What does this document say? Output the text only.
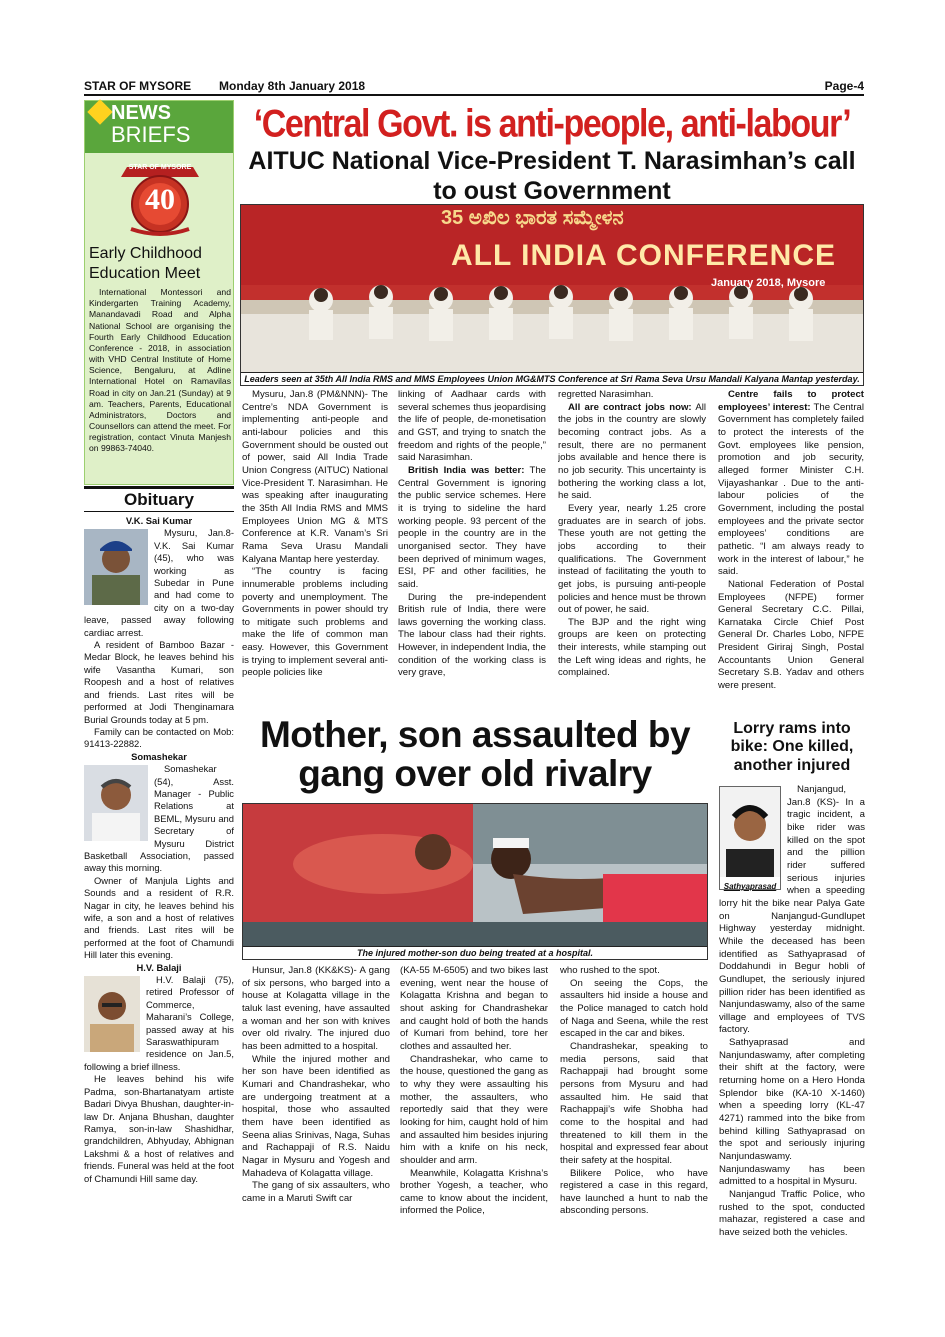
STAR OF MYSORE Monday 8th January 2018	Page-4
NEWS
BRIEFS
STAR OF MYSORE
40
Early Childhood Education Meet
International Montessori and Kindergarten Training Academy, Manandavadi Road and Alpha National School are organising the Fourth Early Childhood Education Conference - 2018, in association with VHD Central Institute of Home Science, Bengaluru, at Adline International Hotel on Ramavilas Road in city on Jan.21 (Sunday) at 9 am. Teachers, Parents, Educational Administrators, Doctors and Counsellors can attend the meet. For registration, contact Vinuta Manjesh on 99863-74040.
‘Central Govt. is anti-people, anti-labour’
AITUC National Vice-President T. Narasimhan’s call to oust Government
35 ಅಖಿಲ ಭಾರತ ಸಮ್ಮೇಳನ
ALL INDIA CONFERENCE
January 2018, Mysore
Leaders seen at 35th All India RMS and MMS Employees Union MG&MTS Conference at Sri Rama Seva Ursu Mandali Kalyana Mantap yesterday.

Mysuru, Jan.8 (PM&NNN)- The Centre’s NDA Government is implementing anti-people and anti-labour policies and this Government should be ousted out of power, said All India Trade Union Congress (AITUC) National Vice-President T. Narasimhan. He was speaking after inaugurating the 35th All India RMS and MMS Employees Union MG & MTS Conference at K.R. Vanam’s Sri Rama Seva Urasu Mandali Kalyana Mantap here yesterday.

“The country is facing innumerable problems including poverty and unemployment. The Governments in power should try to mitigate such problems and make the life of common man easy. However, this Government is trying to implement several anti-people policies like

linking of Aadhaar cards with several schemes thus jeopardising the life of people, de-monetisation and GST, and trying to snatch the freedom and rights of the people,” said Narasimhan.

British India was better: The Central Government is ignoring the public service schemes. Here it is trying to sideline the hard working people. 93 percent of the people in the country are in the unorganised sector. They have been deprived of minimum wages, ESI, PF and other facilities, he said.

During the pre-independent British rule of India, there were laws governing the working class. The labour class had their rights. However, in independent India, the condition of the working class is very grave,

regretted Narasimhan.

All are contract jobs now: All the jobs in the country are slowly becoming contract jobs. As a result, there are no permanent jobs available and hence there is no job security. This uncertainty is bothering the working class a lot, he said.

Every year, nearly 1.25 crore graduates are in search of jobs. These youth are not getting the jobs according to their qualifications. The Government instead of facilitating the youth to get jobs, is pursuing anti-people policies and hence must be thrown out of power, he said.

The BJP and the right wing groups are keen on protecting their interests, while stamping out the Left wing ideas and rights, he complained.

Centre fails to protect employees’ interest: The Central Government has completely failed to protect the interests of the Govt. employees like pension, promotion and job security, alleged former Minister C.H. Vijayashankar . Due to the anti-labour policies of the Government, including the postal employees and the private sector employees’ conditions are pathetic. “I am always ready to work in the interest of labour,” he said.

National Federation of Postal Employees (NFPE) former General Secretary C.C. Pillai, Karnataka Circle Chief Post General Dr. Charles Lobo, NFPE President Giriraj Singh, Postal Accountants Union General Secretary S.B. Yadav and others were present.

Obituary

V.K. Sai Kumar

Mysuru, Jan.8- V.K. Sai Kumar (45), who was working as Subedar in Pune and had come to city on a two-day leave, passed away following cardiac arrest.

A resident of Bamboo Bazar - Medar Block, he leaves behind his wife Vasantha Kumari, son Roopesh and a host of relatives and friends. Last rites will be performed at Jodi Thenginamara Burial Grounds today at 5 pm.

Family can be contacted on Mob: 91413-22882.

Somashekar

Somashekar (54), Asst. Manager - Public Relations at BEML, Mysuru and Secretary of Mysuru District Basketball Association, passed away this morning.

Owner of Manjula Lights and Sounds and a resident of R.R. Nagar in city, he leaves behind his wife, a son and a host of relatives and friends. Last rites will be performed at the foot of Chamundi Hill later this evening.

H.V. Balaji

H.V. Balaji (75), retired Professor of Commerce, Maharani’s College, passed away at his Saraswathipuram residence on Jan.5, following a brief illness.

He leaves behind his wife Padma, son-Bhartanatyam artiste Badari Divya Bhushan, daughter-in-law Dr. Anjana Bhushan, daughter Ramya, son-in-law Shashidhar, grandchildren, Abhyuday, Abhignan Lakshmi & a host of relatives and friends. Funeral was held at the foot of Chamundi Hill same day.

Mother, son assaulted by gang over old rivalry
The injured mother-son duo being treated at a hospital.

Hunsur, Jan.8 (KK&KS)- A gang of six persons, who barged into a house at Kolagatta village in the taluk last evening, have assaulted a woman and her son with knives over old rivalry. The injured duo has been admitted to a hospital.

While the injured mother and her son have been identified as Kumari and Chandrashekar, who are undergoing treatment at a hospital, those who assaulted them have been identified as Seena alias Srinivas, Naga, Suhas and Rachappaji of R.S. Naidu Nagar in Mysuru and Yogesh and Mahadeva of Kolagatta village.

The gang of six assaulters, who came in a Maruti Swift car

(KA-55 M-6505) and two bikes last evening, went near the house of Kolagatta Krishna and began to shout asking for Chandrashekar and caught hold of both the hands of Kumari from behind, tore her clothes and assaulted her.

Chandrashekar, who came to the house, questioned the gang as to why they were assaulting his mother, the assaulters, who reportedly said that they were looking for him, caught hold of him and assaulted him besides injuring him with a knife on his neck, shoulder and arm.

Meanwhile, Kolagatta Krishna’s brother Yogesh, a teacher, who came to know about the incident, informed the Police,

who rushed to the spot.

On seeing the Cops, the assaulters hid inside a house and the Police managed to catch hold of Naga and Seena, while the rest escaped in the car and bikes.

Chandrashekar, speaking to media persons, said that Rachappaji had brought some persons from Mysuru and had assaulted him. He said that Rachappaji’s wife Shobha had come to the hospital and had threatened to kill them in the hospital and expressed fear about their safety at the hospital.

Bilikere Police, who have registered a case in this regard, have launched a hunt to nab the absconding persons.

Lorry rams into bike: One killed, another injured
Sathyaprasad

Nanjangud, Jan.8 (KS)- In a tragic incident, a bike rider was killed on the spot and the pillion rider suffered serious injuries when a speeding lorry hit the bike near Palya Gate on Nanjangud-Gundlupet Highway yesterday midnight. While the deceased has been identified as Sathyaprasad of Doddahundi in Begur hobli of Gundlupet, the seriously injured pillion rider has been identified as Nanjundaswamy, also of the same village and employees of TVS factory.

Sathyaprasad and Nanjundaswamy, after completing their shift at the factory, were returning home on a Hero Honda Splendor bike (KA-10 X-1460) when a speeding lorry (KL-47 4271) rammed into the bike from behind killing Sathyaprasad on the spot and seriously injuring Nanjundaswamy. Nanjundaswamy has been admitted to a hospital in Mysuru.

Nanjangud Traffic Police, who rushed to the spot, conducted mahazar, registered a case and have seized both the vehicles.
